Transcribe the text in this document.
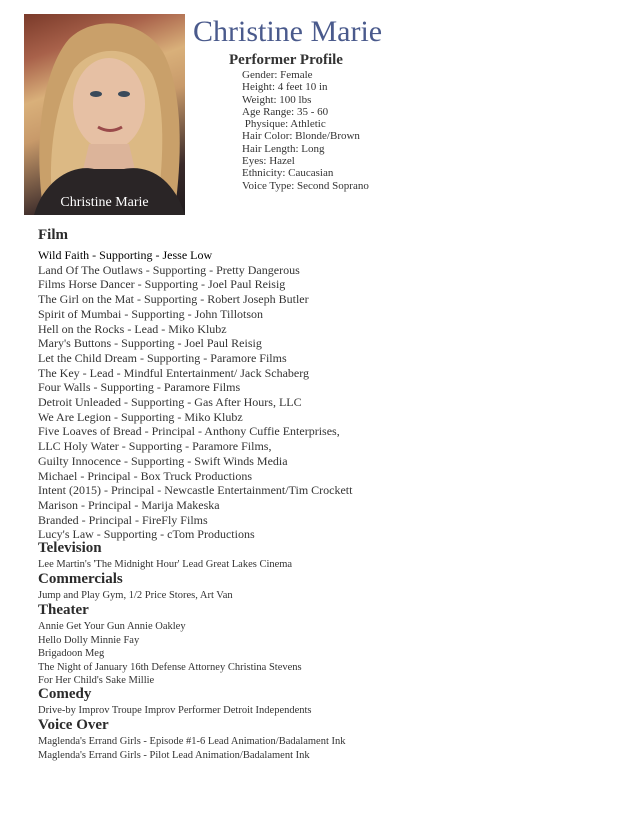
Christine Marie
Christine Marie
Performer Profile
Gender: Female
Height: 4 feet 10 in
Weight: 100 lbs
Age Range: 35 - 60
Physique: Athletic
Hair Color: Blonde/Brown
Hair Length: Long
Eyes: Hazel
Ethnicity: Caucasian
Voice Type: Second Soprano
Film
Wild Faith - Supporting - Jesse Low
Land Of The Outlaws - Supporting - Pretty Dangerous
Films Horse Dancer - Supporting - Joel Paul Reisig
The Girl on the Mat - Supporting - Robert Joseph Butler
Spirit of Mumbai - Supporting - John Tillotson
Hell on the Rocks - Lead - Miko Klubz
Mary's Buttons - Supporting - Joel Paul Reisig
Let the Child Dream - Supporting - Paramore Films
The Key - Lead - Mindful Entertainment/ Jack Schaberg
Four Walls - Supporting - Paramore Films
Detroit Unleaded - Supporting - Gas After Hours, LLC
We Are Legion - Supporting - Miko Klubz
Five Loaves of Bread - Principal - Anthony Cuffie Enterprises,
LLC Holy Water - Supporting - Paramore Films,
Guilty Innocence - Supporting - Swift Winds Media
Michael - Principal - Box Truck Productions
Intent (2015) - Principal - Newcastle Entertainment/Tim Crockett
Marison - Principal - Marija Makeska
Branded - Principal - FireFly Films
Lucy's Law - Supporting - cTom Productions
Television
Lee Martin's 'The Midnight Hour' Lead Great Lakes Cinema
Commercials
Jump and Play Gym, 1/2 Price Stores, Art Van
Theater
Annie Get Your Gun Annie Oakley
Hello Dolly Minnie Fay
Brigadoon Meg
The Night of January 16th Defense Attorney Christina Stevens
For Her Child's Sake Millie
Comedy
Drive-by Improv Troupe Improv Performer Detroit Independents
Voice Over
Maglenda's Errand Girls - Episode #1-6 Lead Animation/Badalament Ink
Maglenda's Errand Girls - Pilot Lead Animation/Badalament Ink
